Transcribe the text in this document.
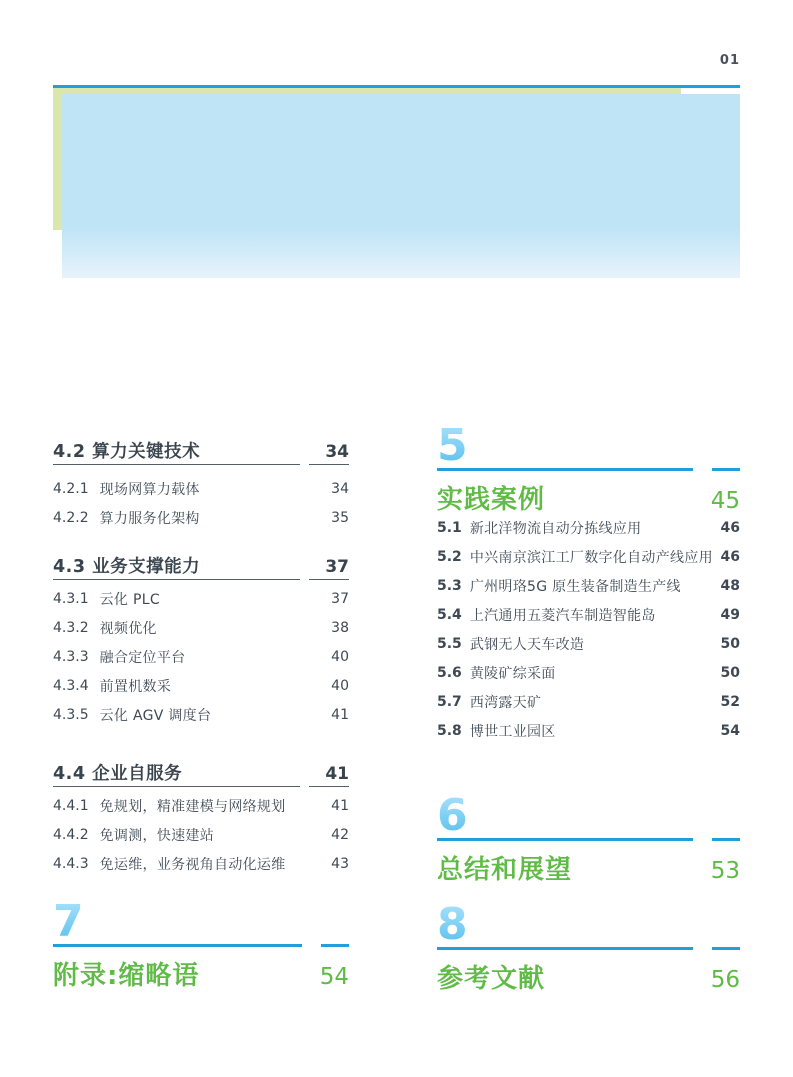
01
4.2 算力关键技术	34
4.2.1 现场网算力载体	34
4.2.2 算力服务化架构	35
4.3 业务支撑能力	37
4.3.1 云化 PLC	37
4.3.2 视频优化	38
4.3.3 融合定位平台	40
4.3.4 前置机数采	40
4.3.5 云化 AGV 调度台	41
4.4 企业自服务	41
4.4.1 免规划，精准建模与网络规划	41
4.4.2 免调测，快速建站	42
4.4.3 免运维，业务视角自动化运维	43
7
附录:缩略语	54
5
实践案例	45
5.1 新北洋物流自动分拣线应用	46
5.2 中兴南京滨江工厂数字化自动产线应用 46
5.3 广州明珞5G 原生装备制造生产线	48
5.4 上汽通用五菱汽车制造智能岛	49
5.5 武钢无人天车改造	50
5.6 黄陵矿综采面	50
5.7 西湾露天矿	52
5.8 博世工业园区	54
6
总结和展望	53
8
参考文献	56
